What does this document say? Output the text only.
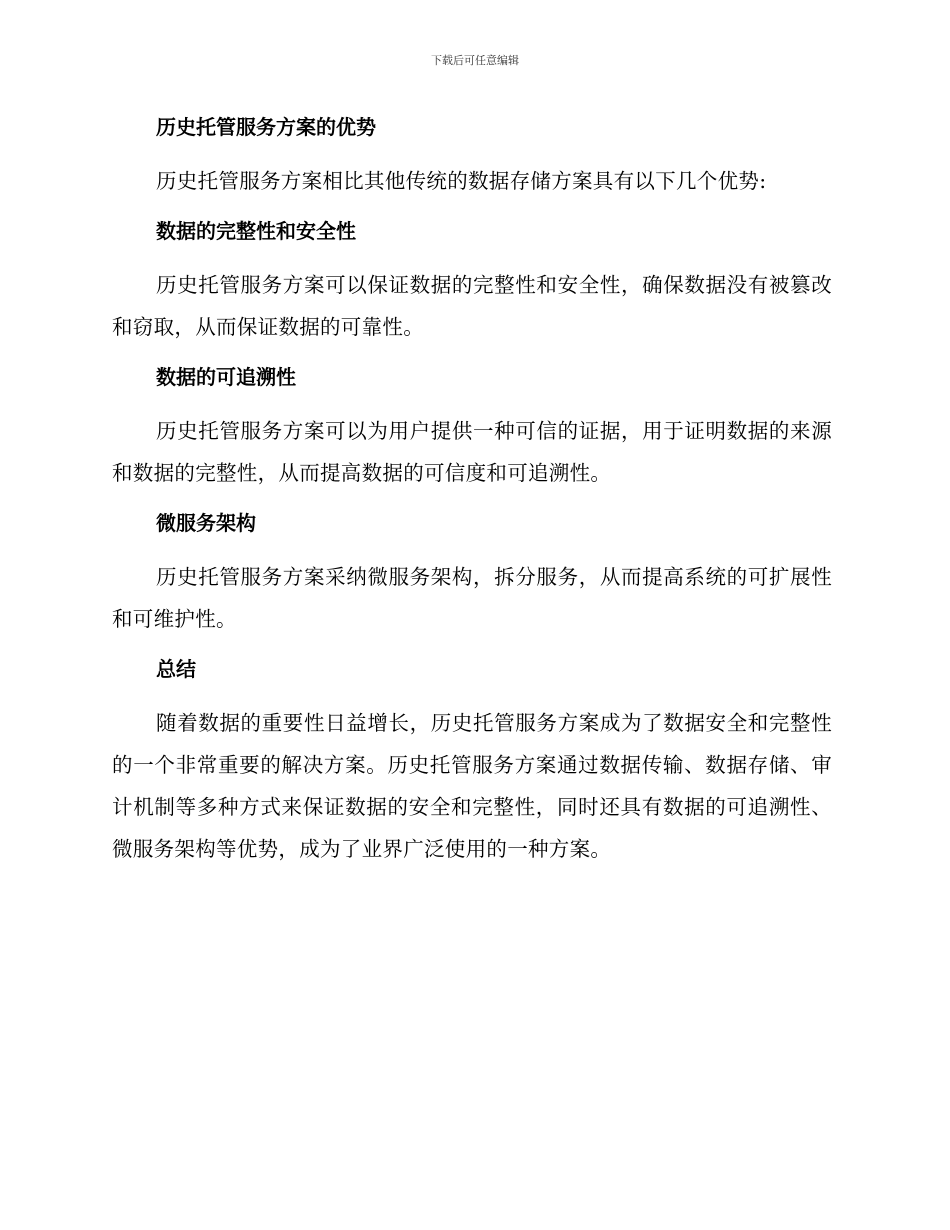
下载后可任意编辑
历史托管服务方案的优势

历史托管服务方案相比其他传统的数据存储方案具有以下几个优势:

数据的完整性和安全性

历史托管服务方案可以保证数据的完整性和安全性，确保数据没有被篡改和窃取，从而保证数据的可靠性。

数据的可追溯性

历史托管服务方案可以为用户提供一种可信的证据，用于证明数据的来源和数据的完整性，从而提高数据的可信度和可追溯性。

微服务架构

历史托管服务方案采纳微服务架构，拆分服务，从而提高系统的可扩展性和可维护性。

总结

随着数据的重要性日益增长，历史托管服务方案成为了数据安全和完整性的一个非常重要的解决方案。历史托管服务方案通过数据传输、数据存储、审计机制等多种方式来保证数据的安全和完整性，同时还具有数据的可追溯性、微服务架构等优势，成为了业界广泛使用的一种方案。
